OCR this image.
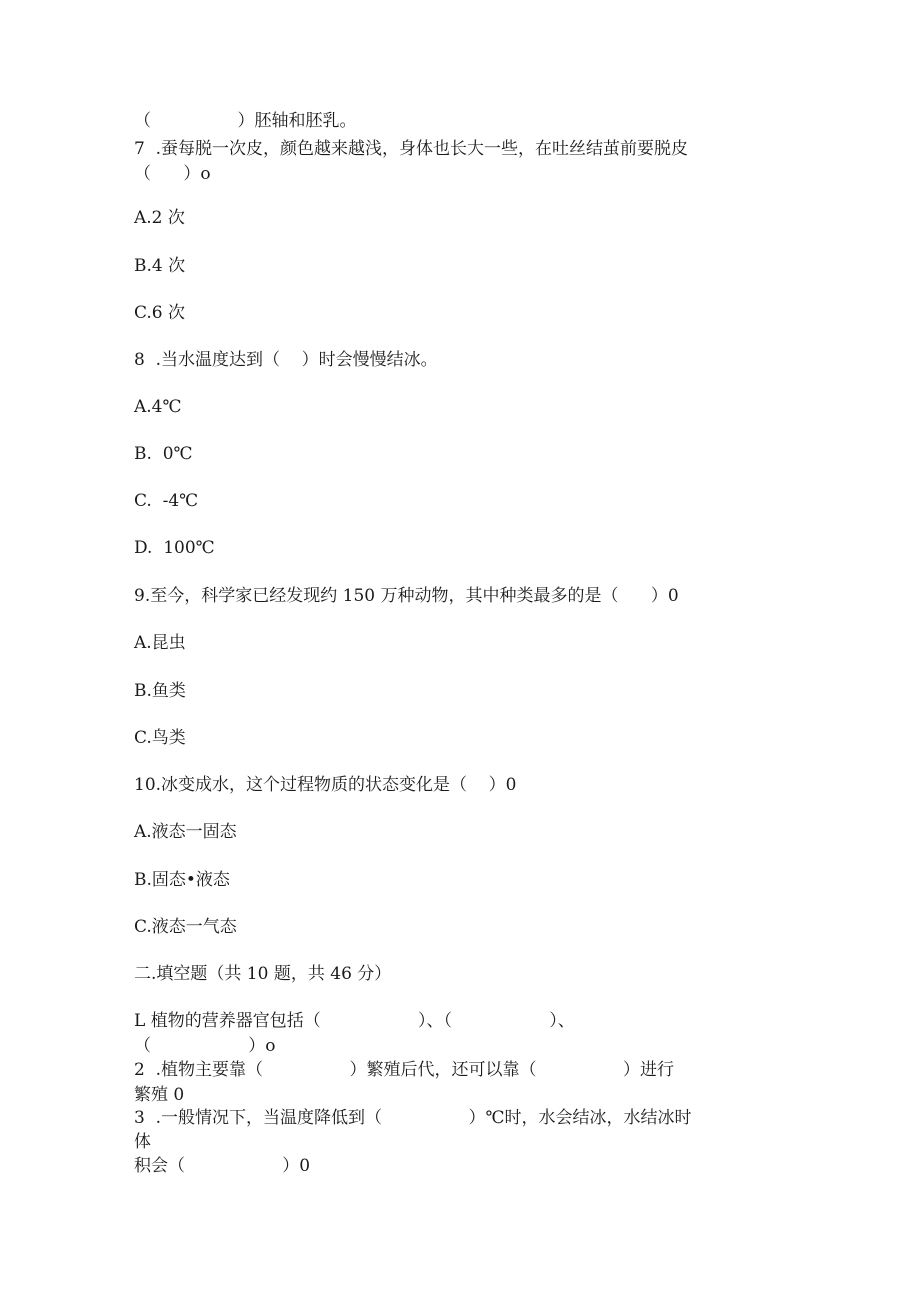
（                ）胚轴和胚乳。

7  .蚕每脱一次皮，颜色越来越浅，身体也长大一些，在吐丝结茧前要脱皮

（      ）o

A.2 次

B.4 次

C.6 次

8  .当水温度达到（    ）时会慢慢结冰。

A.4℃

B.  0℃

C.  -4℃

D.  100℃

9.至今，科学家已经发现约 150 万种动物，其中种类最多的是（      ）0

A.昆虫

B.鱼类

C.鸟类

10.冰变成水，这个过程物质的状态变化是（    ）0

A.液态一固态

B.固态•液态

C.液态一气态

二.填空题（共 10 题，共 46 分）

L 植物的营养器官包括（                  ）、（                  ）、

（                  ）o

2  .植物主要靠（                ）繁殖后代，还可以靠（                ）进行

繁殖 0

3  .一般情况下，当温度降低到（                ）℃时，水会结冰，水结冰时

体

积会（                  ）0
